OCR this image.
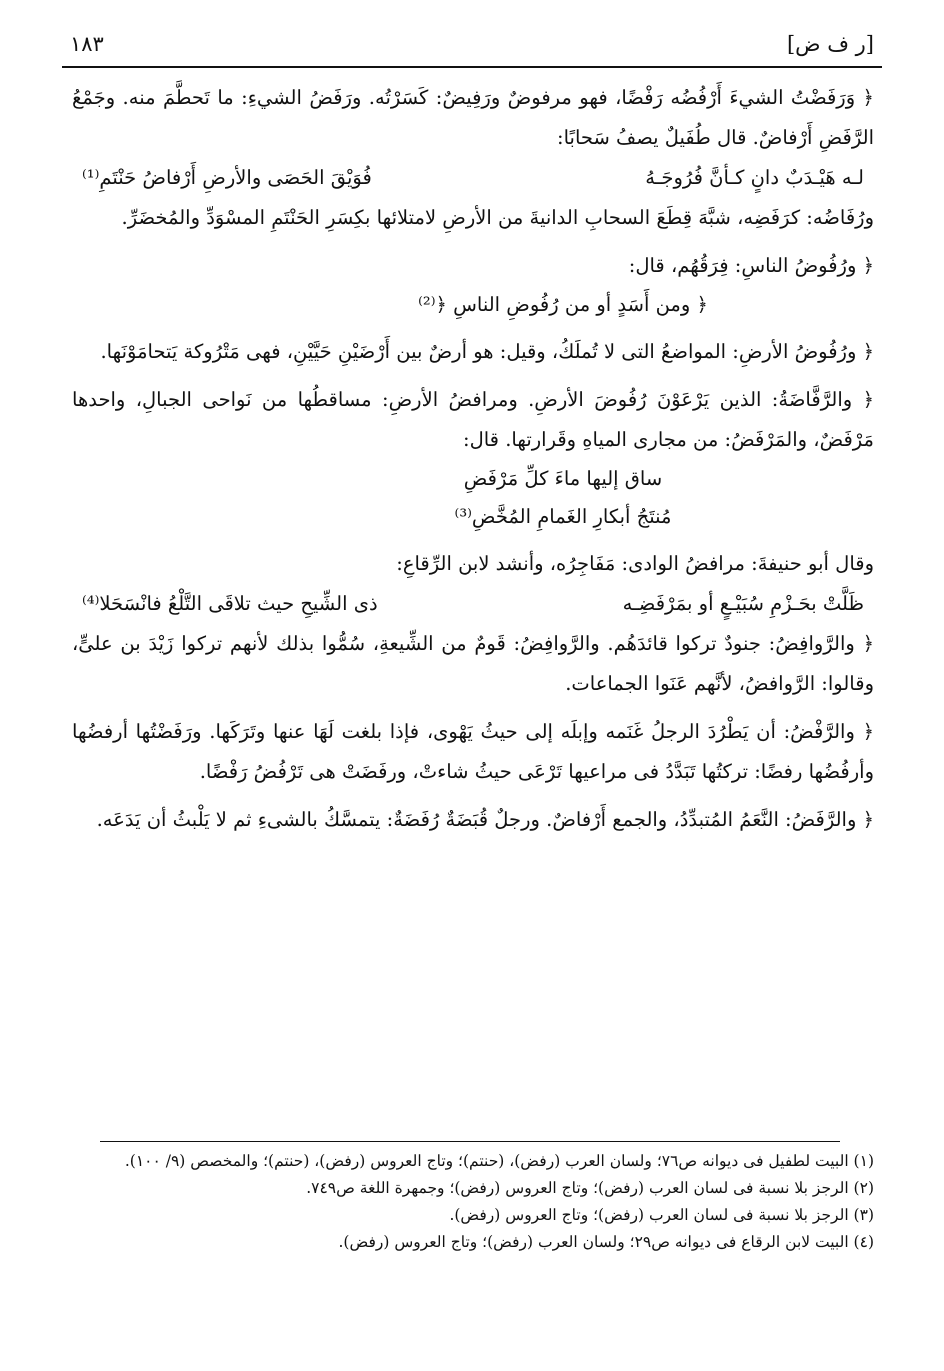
[ر ف ض]
١٨٣

﴿ وَرَفَضْتُ الشيءَ أَرْفُضُه رَفْضًا، فهو مرفوضٌ ورَفِيضٌ: كَسَرْتُه. ورَفَضُ الشيءِ: ما تَحطَّمَ منه. وجَمْعُ الرَّفَضِ أَرْفاضٌ. قال طُفَيلٌ يصفُ سَحابًا:

لـه هَيْـدَبٌ دانٍ كـأنَّ فُرُوجَـهُ
فُوَيْقَ الحَصَى والأرضِ أَرْفاضُ حَنْتَمِ⁽¹⁾

ورُفَاضُه: كرَفَضِه، شبَّهَ قِطَعَ السحابِ الدانيةَ من الأرضِ لامتلائها بكِسَرِ الحَنْتَمِ المسْوَدِّ والمُخضَرِّ.

﴿ ورُفُوضُ الناسِ: فِرَقُهُم، قال:

﴿ ومن أَسَدٍ أو من رُفُوضِ الناسِ ﴿⁽²⁾

﴿ ورُفُوضُ الأرضِ: المواضعُ التى لا تُملَكُ، وقيل: هو أرضٌ بين أَرْضَيْنِ حَيَّيْنِ، فهى مَتْرُوكة يَتحامَوْنَها.

﴿ والرَّفَّاضَةُ: الذين يَرْعَوْنَ رُفُوضَ الأرضِ. ومرافضُ الأرضِ: مساقطُها من نَواحى الجبالِ، واحدها مَرْفَضٌ، والمَرْفَضُ: من مجارى المياهِ وقَرارتها. قال:

ساق إليها ماءَ كلِّ مَرْفَضِ

مُنتَجُ أبكارِ الغَمامِ المُخَّضِ⁽³⁾

وقال أبو حنيفةَ: مرافضُ الوادى: مَفَاجِرُه، وأنشد لابن الرِّقاعِ:

ظَلَّتْ بحَـزْمِ سُبَيْـعٍ أو بمَرْفَضِـه
ذى الشِّيحِ حيث تلاقَى التَّلْعُ فانْسَحَلا⁽⁴⁾

﴿ والرَّوافِضُ: جنودٌ تركوا قائدَهُم. والرَّوافِضُ: قَومٌ من الشِّيعةِ، سُمُّوا بذلك لأنهم تركوا زَيْدَ بن علىٍّ، وقالوا: الرَّوافضُ، لأنَّهم عَنَوا الجماعات.

﴿ والرَّفْضُ: أن يَطْرُدَ الرجلُ غَنَمه وإبلَه إلى حيثُ يَهْوى، فإذا بلغت لَهَا عنها وتَرَكَها. ورَفَضْتُها أرفضُها وأرفُضُها رفضًا: تركتُها تَبَدَّدُ فى مراعيها تَرْعَى حيثُ شاءتْ، ورفَضَتْ هى تَرْفُضُ رَفْضًا.

﴿ والرَّفَضُ: النَّعَمُ المُتبدِّدُ، والجمع أَرْفاضٌ. ورجلٌ قُبَضَةٌ رُفَضَةٌ: يتمسَّكُ بالشىءِ ثم لا يَلْبثُ أن يَدَعَه.

(١) البيت لطفيل فى ديوانه ص٧٦؛ ولسان العرب (رفض)، (حنتم)؛ وتاج العروس (رفض)، (حنتم)؛ والمخصص (٩/ ١٠٠).

(٢) الرجز بلا نسبة فى لسان العرب (رفض)؛ وتاج العروس (رفض)؛ وجمهرة اللغة ص٧٤٩.

(٣) الرجز بلا نسبة فى لسان العرب (رفض)؛ وتاج العروس (رفض).

(٤) البيت لابن الرقاع فى ديوانه ص٢٩؛ ولسان العرب (رفض)؛ وتاج العروس (رفض).
